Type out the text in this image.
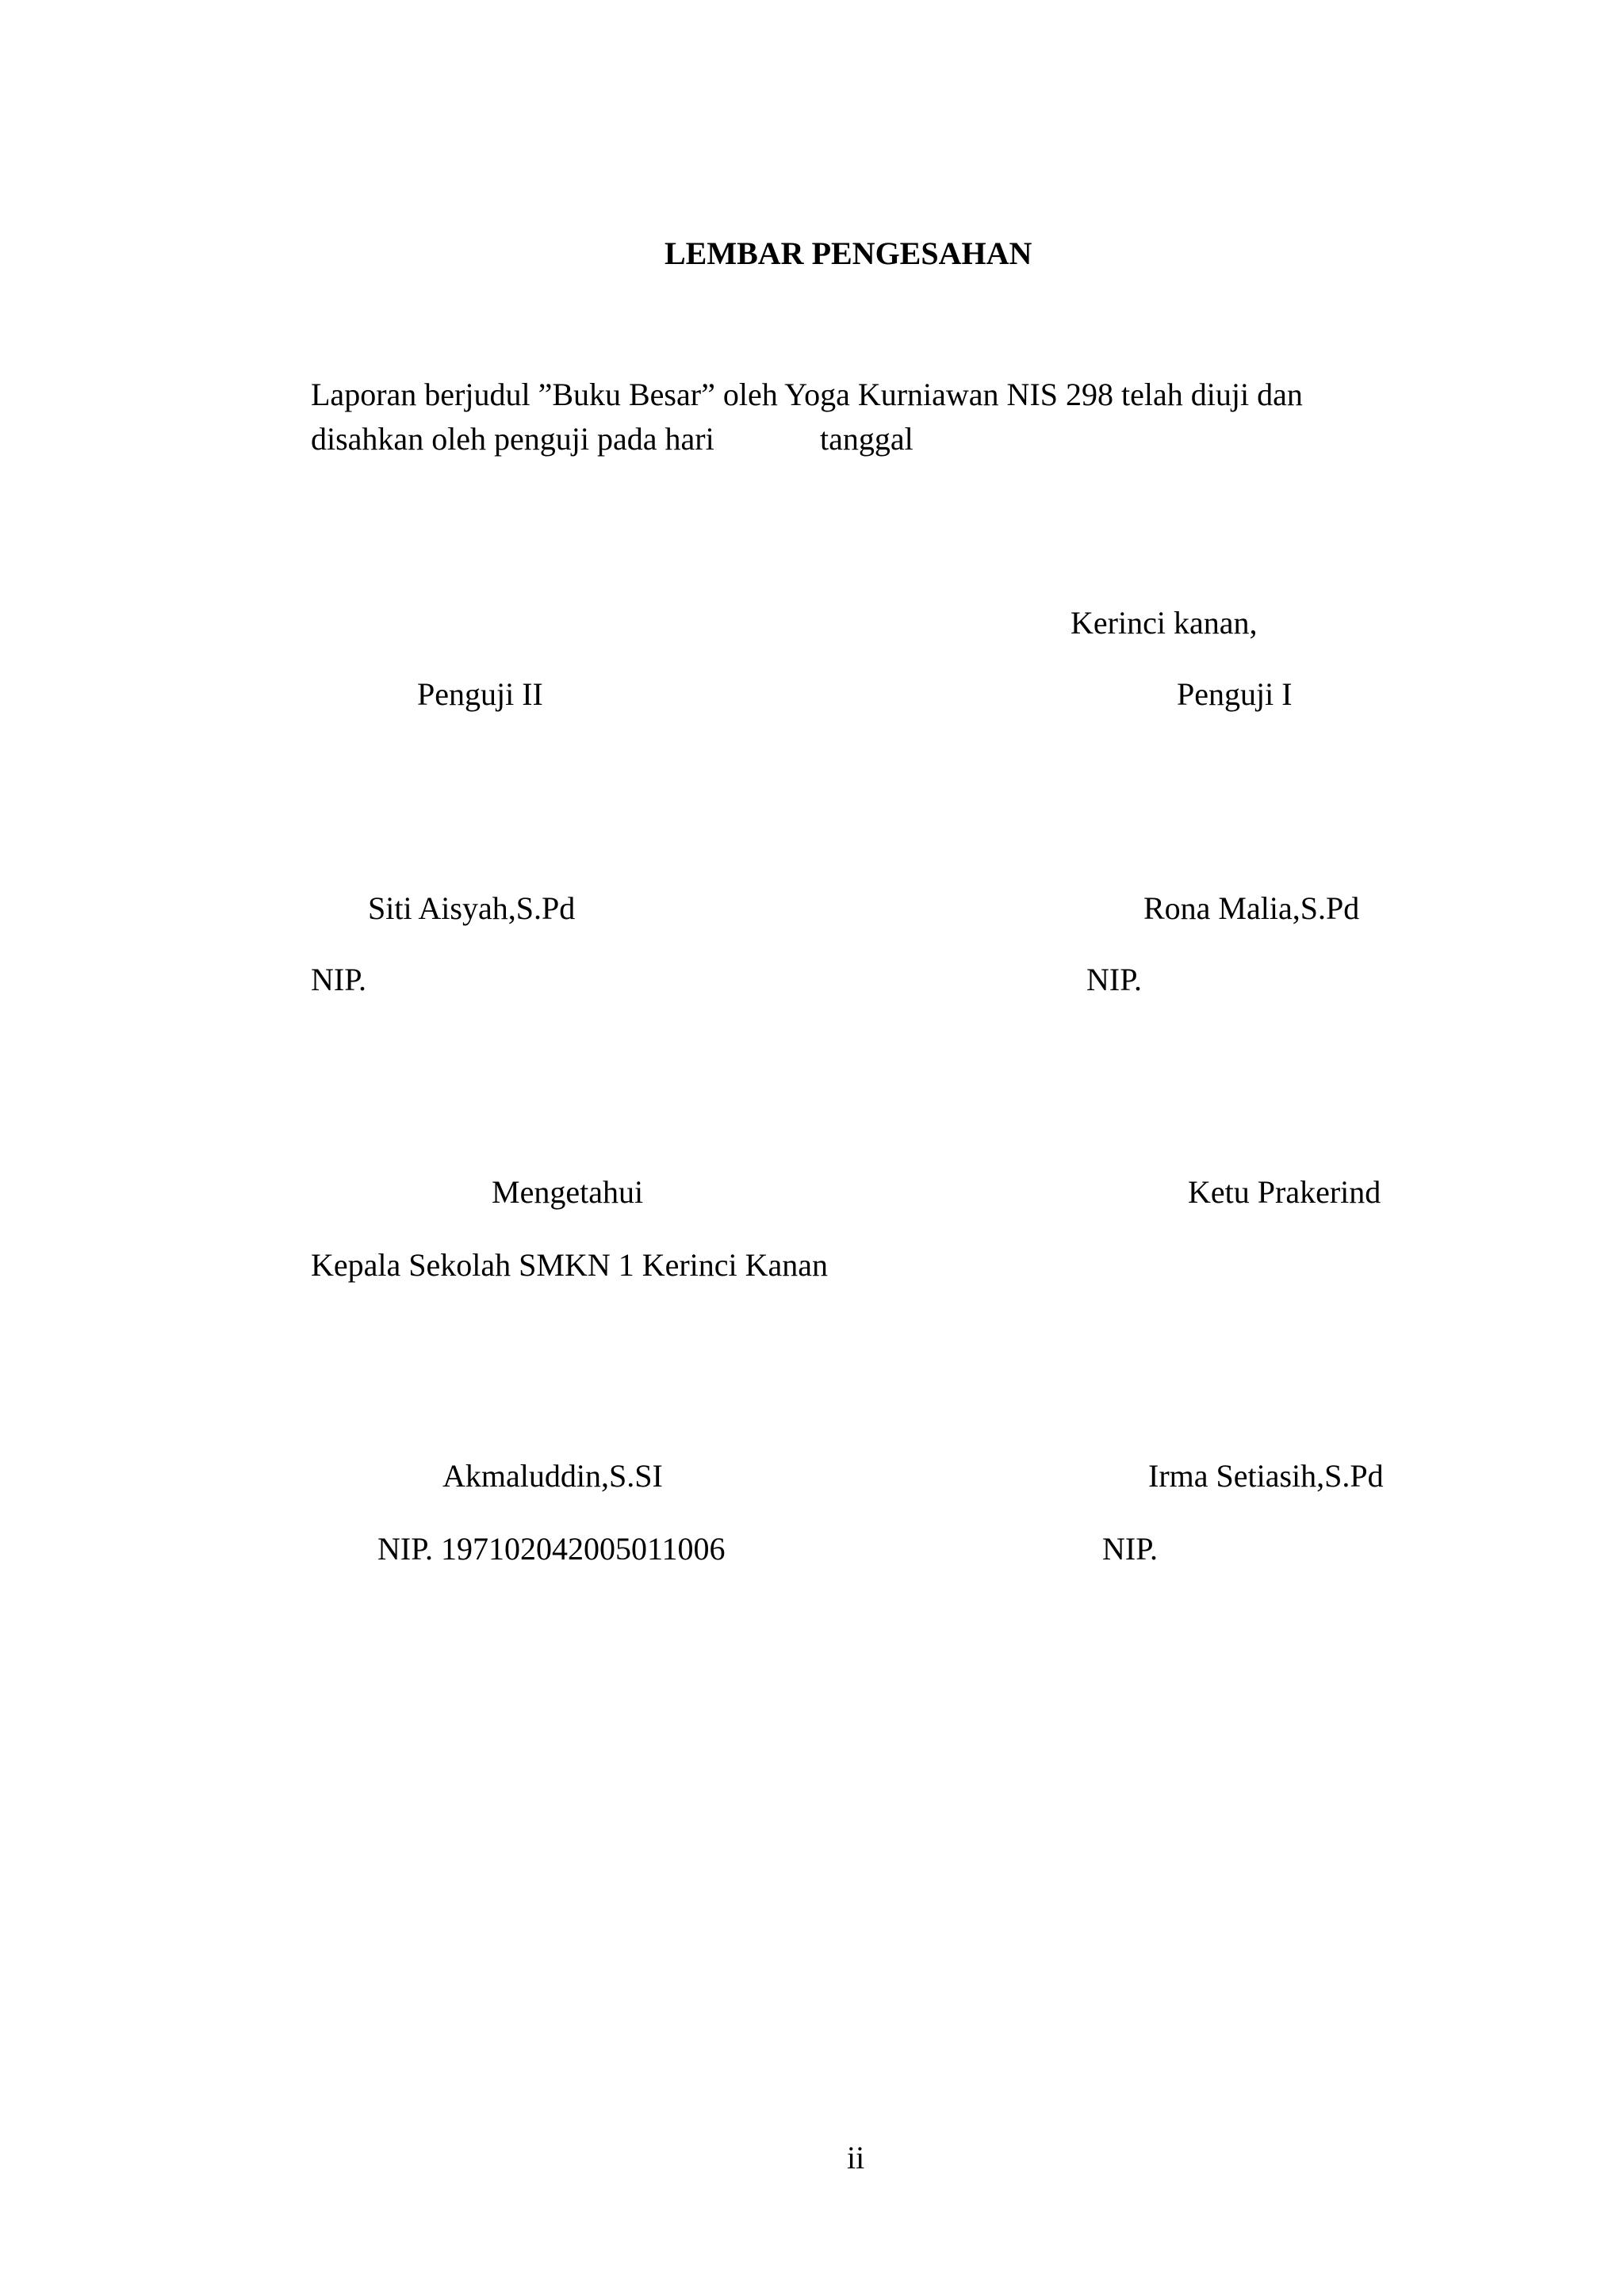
LEMBAR PENGESAHAN
Laporan berjudul ”Buku Besar” oleh Yoga Kurniawan NIS 298 telah diuji dan
disahkan oleh penguji pada hari	tanggal
Kerinci kanan,
Penguji II	Penguji I
Siti Aisyah,S.Pd	Rona Malia,S.Pd
NIP.	NIP.
Mengetahui	Ketu Prakerind
Kepala Sekolah SMKN 1 Kerinci Kanan
Akmaluddin,S.SI	Irma Setiasih,S.Pd
NIP. 197102042005011006	NIP.
ii
